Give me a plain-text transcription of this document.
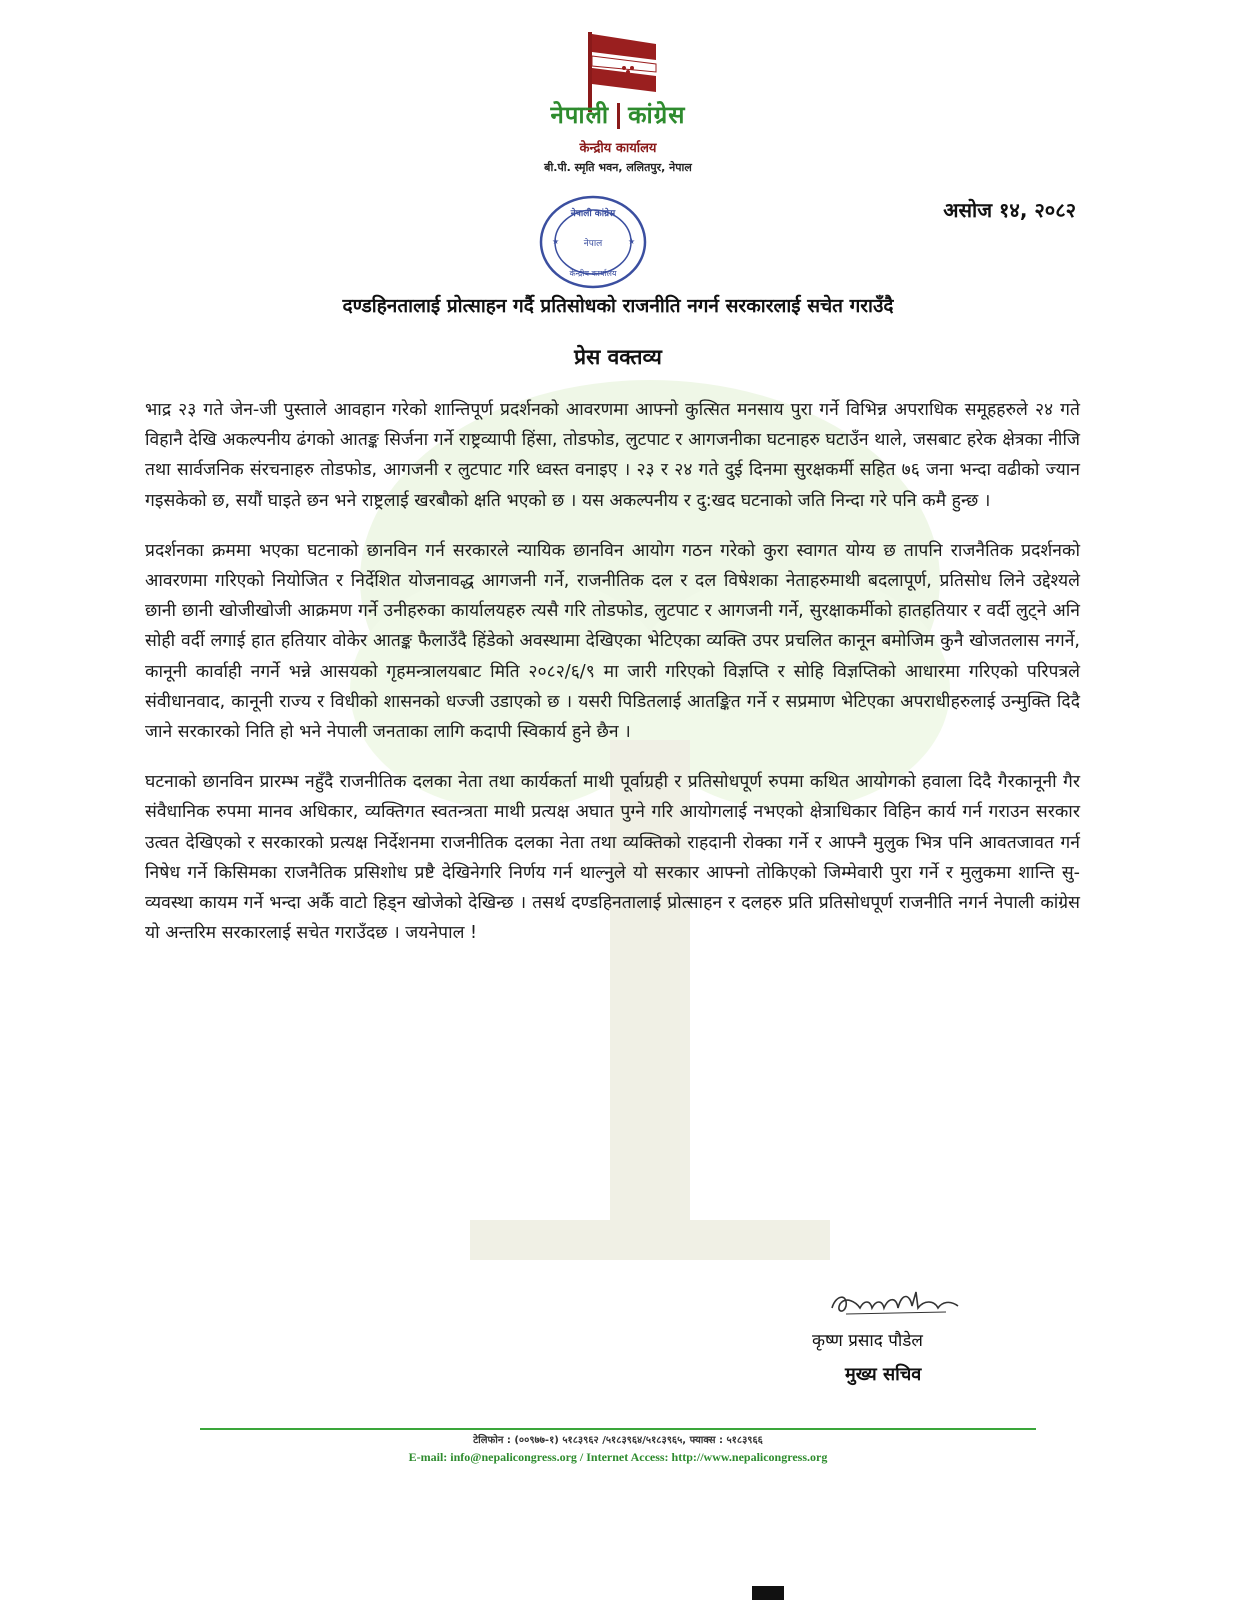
नेपाली कांग्रेस
केन्द्रीय कार्यालय
बी.पी. स्मृति भवन, ललितपुर, नेपाल
असोज १४, २०८२
नेपाली कांग्रेस
नेपाल
केन्द्रीय कार्यालय
★	★
दण्डहिनतालाई प्रोत्साहन गर्दै प्रतिसोधको राजनीति नगर्न सरकारलाई सचेत गराउँदै
प्रेस वक्तव्य

भाद्र २३ गते जेन-जी पुस्ताले आवहान गरेको शान्तिपूर्ण प्रदर्शनको आवरणमा आफ्नो कुत्सित मनसाय पुरा गर्ने विभिन्न अपराधिक समूहहरुले २४ गते विहानै देखि अकल्पनीय ढंगको आतङ्क सिर्जना गर्ने राष्ट्रव्यापी हिंसा, तोडफोड, लुटपाट र आगजनीका घटनाहरु घटाउँन थाले, जसबाट हरेक क्षेत्रका नीजि तथा सार्वजनिक संरचनाहरु तोडफोड, आगजनी र लुटपाट गरि ध्वस्त वनाइए । २३ र २४ गते दुई दिनमा सुरक्षकर्मी सहित ७६ जना भन्दा वढीको ज्यान गइसकेको छ, सयौं घाइते छन भने राष्ट्रलाई खरबौको क्षति भएको छ । यस अकल्पनीय र दु:खद घटनाको जति निन्दा गरे पनि कमै हुन्छ ।

प्रदर्शनका क्रममा भएका घटनाको छानविन गर्न सरकारले न्यायिक छानविन आयोग गठन गरेको कुरा स्वागत योग्य छ तापनि राजनैतिक प्रदर्शनको आवरणमा गरिएको नियोजित र निर्देशित योजनावद्ध आगजनी गर्ने, राजनीतिक दल र दल विषेशका नेताहरुमाथी बदलापूर्ण, प्रतिसोध लिने उद्देश्यले छानी छानी खोजीखोजी आक्रमण गर्ने उनीहरुका कार्यालयहरु त्यसै गरि तोडफोड, लुटपाट र आगजनी गर्ने, सुरक्षाकर्मीको हातहतियार र वर्दी लुट्ने अनि सोही वर्दी लगाई हात हतियार वोकेर आतङ्क फैलाउँदै हिंडेको अवस्थामा देखिएका भेटिएका व्यक्ति उपर प्रचलित कानून बमोजिम कुनै खोजतलास नगर्ने, कानूनी कार्वाही नगर्ने भन्ने आसयको गृहमन्त्रालयबाट मिति २०८२/६/९ मा जारी गरिएको विज्ञप्ति र सोहि विज्ञप्तिको आधारमा गरिएको परिपत्रले संवीधानवाद, कानूनी राज्य र विधीको शासनको धज्जी उडाएको छ । यसरी पिडितलाई आतङ्कित गर्ने र सप्रमाण भेटिएका अपराधीहरुलाई उन्मुक्ति दिदै जाने सरकारको निति हो भने नेपाली जनताका लागि कदापी स्विकार्य हुने छैन ।

घटनाको छानविन प्रारम्भ नहुँदै राजनीतिक दलका नेता तथा कार्यकर्ता माथी पूर्वाग्रही र प्रतिसोधपूर्ण रुपमा कथित आयोगको हवाला दिदै गैरकानूनी गैर संवैधानिक रुपमा मानव अधिकार, व्यक्तिगत स्वतन्त्रता माथी प्रत्यक्ष अघात पुग्ने गरि आयोगलाई नभएको क्षेत्राधिकार विहिन कार्य गर्न गराउन सरकार उत्वत देखिएको र सरकारको प्रत्यक्ष निर्देशनमा राजनीतिक दलका नेता तथा व्यक्तिको राहदानी रोक्का गर्ने र आफ्नै मुलुक भित्र पनि आवतजावत गर्न निषेध गर्ने किसिमका राजनैतिक प्रसिशोध प्रष्टै देखिनेगरि निर्णय गर्न थाल्नुले यो सरकार आफ्नो तोकिएको जिम्मेवारी पुरा गर्ने र मुलुकमा शान्ति सु-व्यवस्था कायम गर्ने भन्दा अर्कै वाटो हिड्न खोजेको देखिन्छ । तसर्थ दण्डहिनतालाई प्रोत्साहन र दलहरु प्रति प्रतिसोधपूर्ण राजनीति नगर्न नेपाली कांग्रेस यो अन्तरिम सरकारलाई सचेत गराउँदछ । जयनेपाल !

कृष्ण प्रसाद पौडेल
मुख्य सचिव
टेलिफोन : (००९७७-१) ५१८३९६२ /५१८३९६४/५१८३९६५, फ्याक्स : ५१८३९६६
E-mail: info@nepalicongress.org / Internet Access: http://www.nepalicongress.org
